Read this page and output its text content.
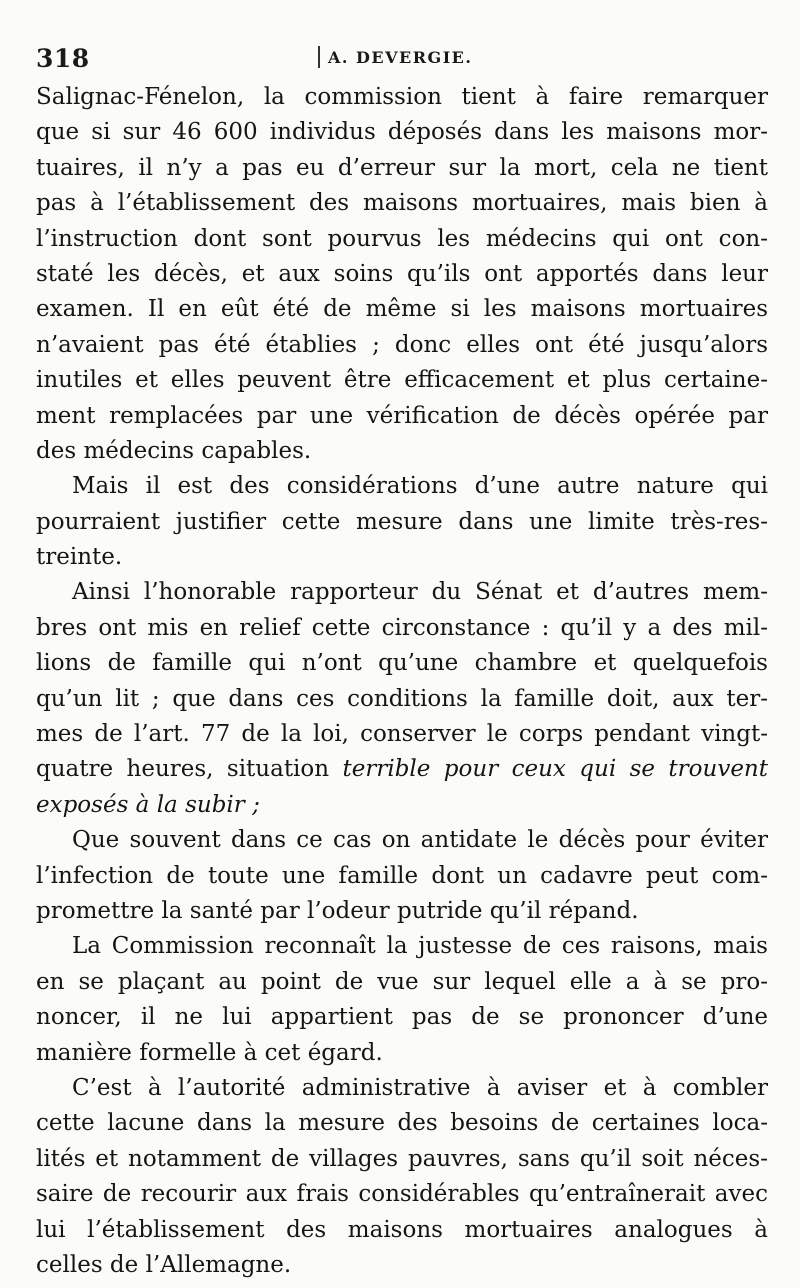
318	A. DEVERGIE.
Salignac-Fénelon, la commission tient à faire remarquer
que si sur 46 600 individus déposés dans les maisons mor-
tuaires, il n’y a pas eu d’erreur sur la mort, cela ne tient
pas à l’établissement des maisons mortuaires, mais bien à
l’instruction dont sont pourvus les médecins qui ont con-
staté les décès, et aux soins qu’ils ont apportés dans leur
examen. Il en eût été de même si les maisons mortuaires
n’avaient pas été établies ; donc elles ont été jusqu’alors
inutiles et elles peuvent être efficacement et plus certaine-
ment remplacées par une vérification de décès opérée par
des médecins capables.
Mais il est des considérations d’une autre nature qui
pourraient justifier cette mesure dans une limite très-res-
treinte.
Ainsi l’honorable rapporteur du Sénat et d’autres mem-
bres ont mis en relief cette circonstance : qu’il y a des mil-
lions de famille qui n’ont qu’une chambre et quelquefois
qu’un lit ; que dans ces conditions la famille doit, aux ter-
mes de l’art. 77 de la loi, conserver le corps pendant vingt-
quatre heures, situation terrible pour ceux qui se trouvent
exposés à la subir ;
Que souvent dans ce cas on antidate le décès pour éviter
l’infection de toute une famille dont un cadavre peut com-
promettre la santé par l’odeur putride qu’il répand.
La Commission reconnaît la justesse de ces raisons, mais
en se plaçant au point de vue sur lequel elle a à se pro-
noncer, il ne lui appartient pas de se prononcer d’une
manière formelle à cet égard.
C’est à l’autorité administrative à aviser et à combler
cette lacune dans la mesure des besoins de certaines loca-
lités et notamment de villages pauvres, sans qu’il soit néces-
saire de recourir aux frais considérables qu’entraînerait avec
lui l’établissement des maisons mortuaires analogues à
celles de l’Allemagne.
